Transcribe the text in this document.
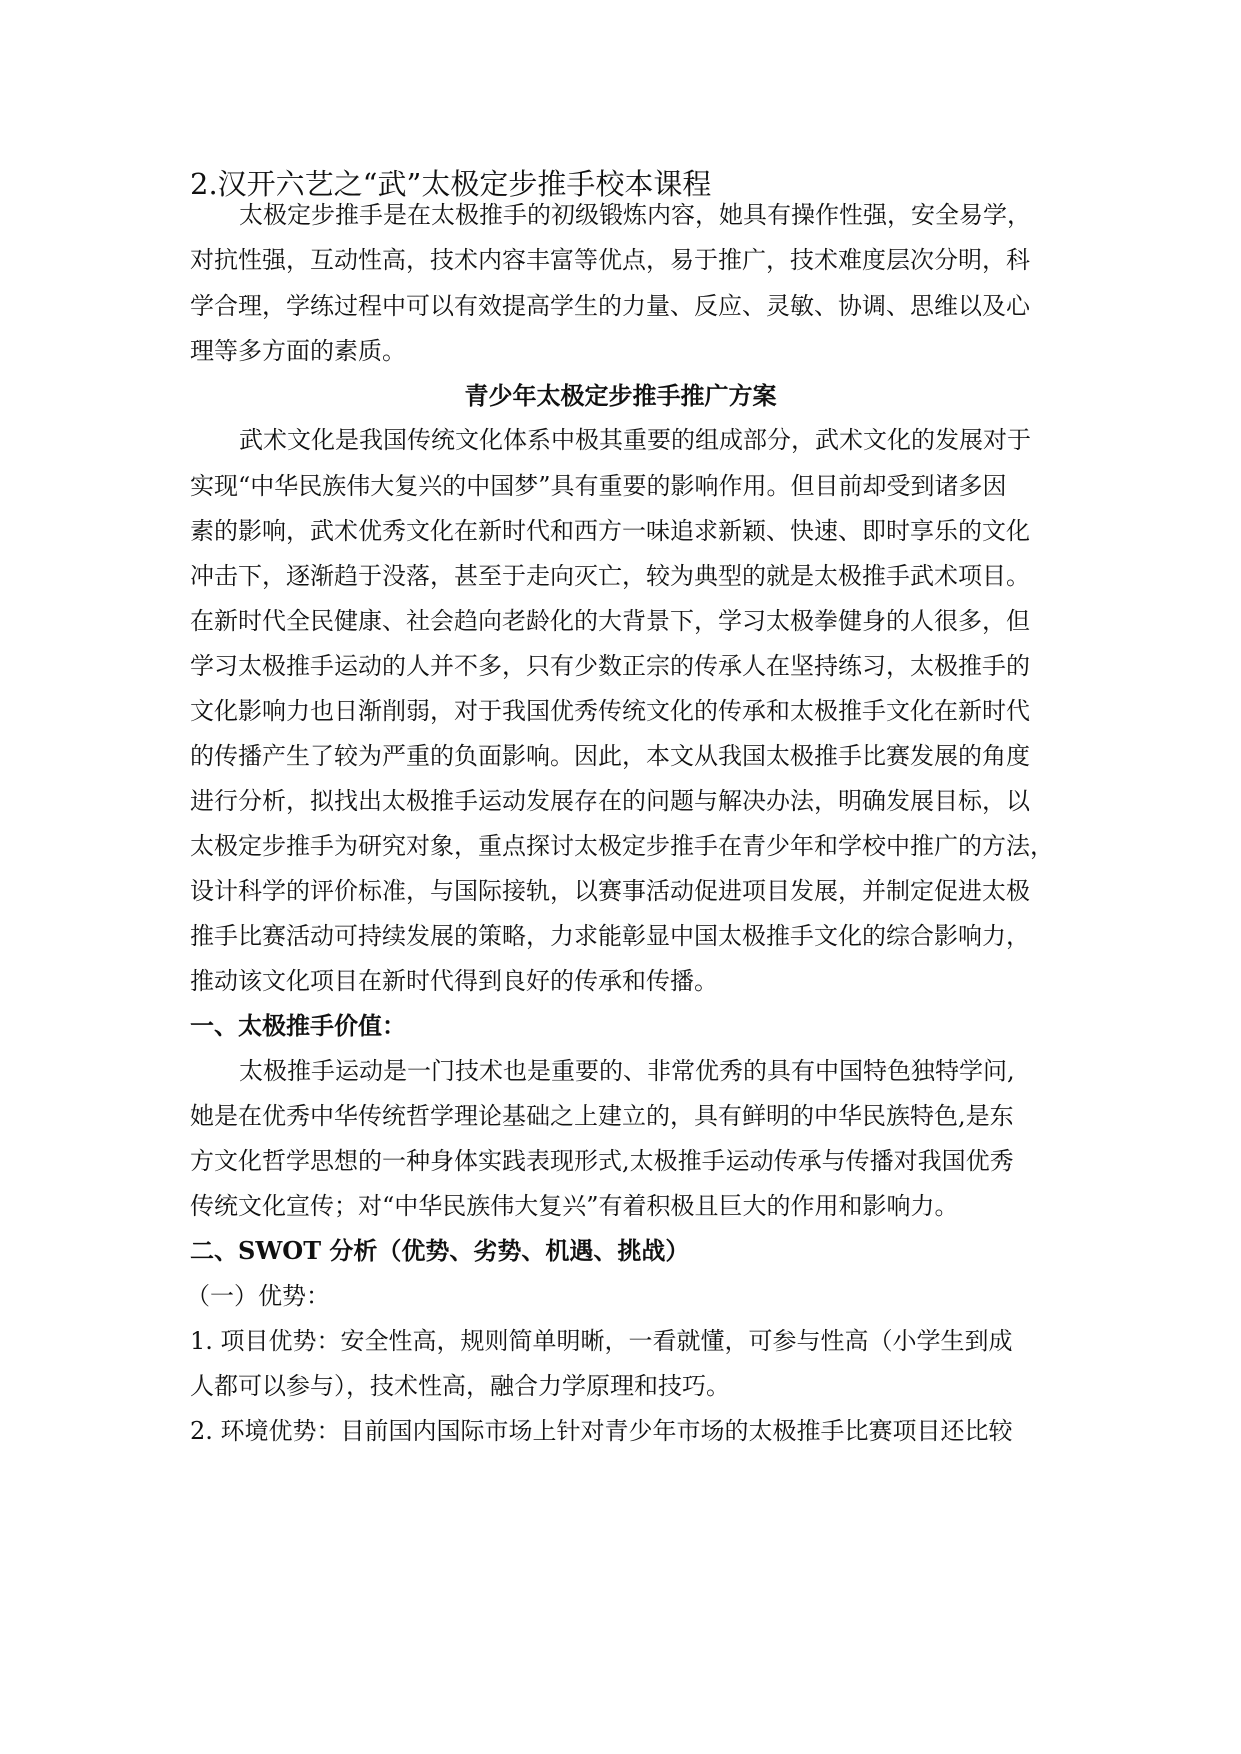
2.汉开六艺之“武”太极定步推手校本课程
太极定步推手是在太极推手的初级锻炼内容，她具有操作性强，安全易学，
对抗性强，互动性高，技术内容丰富等优点，易于推广，技术难度层次分明，科
学合理，学练过程中可以有效提高学生的力量、反应、灵敏、协调、思维以及心
理等多方面的素质。
青少年太极定步推手推广方案
武术文化是我国传统文化体系中极其重要的组成部分，武术文化的发展对于
实现“中华民族伟大复兴的中国梦”具有重要的影响作用。但目前却受到诸多因
素的影响，武术优秀文化在新时代和西方一味追求新颖、快速、即时享乐的文化
冲击下，逐渐趋于没落，甚至于走向灭亡，较为典型的就是太极推手武术项目。
在新时代全民健康、社会趋向老龄化的大背景下，学习太极拳健身的人很多，但
学习太极推手运动的人并不多，只有少数正宗的传承人在坚持练习，太极推手的
文化影响力也日渐削弱，对于我国优秀传统文化的传承和太极推手文化在新时代
的传播产生了较为严重的负面影响。因此，本文从我国太极推手比赛发展的角度
进行分析，拟找出太极推手运动发展存在的问题与解决办法，明确发展目标，以
太极定步推手为研究对象，重点探讨太极定步推手在青少年和学校中推广的方法，
设计科学的评价标准，与国际接轨，以赛事活动促进项目发展，并制定促进太极
推手比赛活动可持续发展的策略，力求能彰显中国太极推手文化的综合影响力，
推动该文化项目在新时代得到良好的传承和传播。
一、太极推手价值：
太极推手运动是一门技术也是重要的、非常优秀的具有中国特色独特学问,
她是在优秀中华传统哲学理论基础之上建立的，具有鲜明的中华民族特色,是东
方文化哲学思想的一种身体实践表现形式,太极推手运动传承与传播对我国优秀
传统文化宣传；对“中华民族伟大复兴”有着积极且巨大的作用和影响力。
二、SWOT 分析（优势、劣势、机遇、挑战）
（一）优势：
1. 项目优势：安全性高，规则简单明晰，一看就懂，可参与性高（小学生到成
人都可以参与），技术性高，融合力学原理和技巧。
2. 环境优势：目前国内国际市场上针对青少年市场的太极推手比赛项目还比较
